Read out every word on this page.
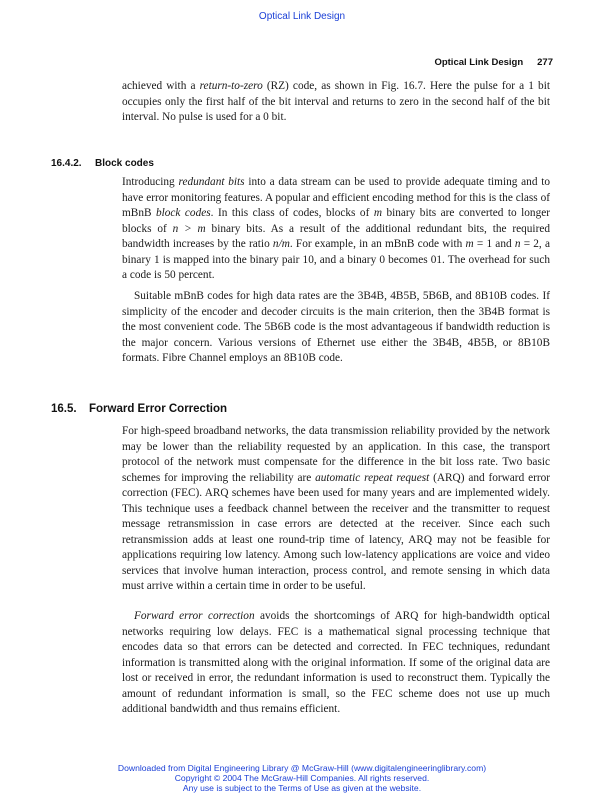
Optical Link Design
Optical Link Design 277

achieved with a return-to-zero (RZ) code, as shown in Fig. 16.7. Here the pulse for a 1 bit occupies only the first half of the bit interval and returns to zero in the second half of the bit interval. No pulse is used for a 0 bit.

16.4.2. Block codes

Introducing redundant bits into a data stream can be used to provide adequate timing and to have error monitoring features. A popular and efficient encoding method for this is the class of mBnB block codes. In this class of codes, blocks of m binary bits are converted to longer blocks of n > m binary bits. As a result of the additional redundant bits, the required bandwidth increases by the ratio n/m. For example, in an mBnB code with m = 1 and n = 2, a binary 1 is mapped into the binary pair 10, and a binary 0 becomes 01. The overhead for such a code is 50 percent.

Suitable mBnB codes for high data rates are the 3B4B, 4B5B, 5B6B, and 8B10B codes. If simplicity of the encoder and decoder circuits is the main criterion, then the 3B4B format is the most convenient code. The 5B6B code is the most advantageous if bandwidth reduction is the major concern. Various versions of Ethernet use either the 3B4B, 4B5B, or 8B10B formats. Fibre Channel employs an 8B10B code.

16.5. Forward Error Correction

For high-speed broadband networks, the data transmission reliability provided by the network may be lower than the reliability requested by an application. In this case, the transport protocol of the network must compensate for the difference in the bit loss rate. Two basic schemes for improving the reliability are automatic repeat request (ARQ) and forward error correction (FEC). ARQ schemes have been used for many years and are implemented widely. This technique uses a feedback channel between the receiver and the transmitter to request message retransmission in case errors are detected at the receiver. Since each such retransmission adds at least one round-trip time of latency, ARQ may not be feasible for applications requiring low latency. Among such low-latency applications are voice and video services that involve human interaction, process control, and remote sensing in which data must arrive within a certain time in order to be useful.

Forward error correction avoids the shortcomings of ARQ for high-bandwidth optical networks requiring low delays. FEC is a mathematical signal processing technique that encodes data so that errors can be detected and corrected. In FEC techniques, redundant information is transmitted along with the original information. If some of the original data are lost or received in error, the redundant information is used to reconstruct them. Typically the amount of redundant information is small, so the FEC scheme does not use up much additional bandwidth and thus remains efficient.

Downloaded from Digital Engineering Library @ McGraw-Hill (www.digitalengineeringlibrary.com)
Copyright © 2004 The McGraw-Hill Companies. All rights reserved.
Any use is subject to the Terms of Use as given at the website.
